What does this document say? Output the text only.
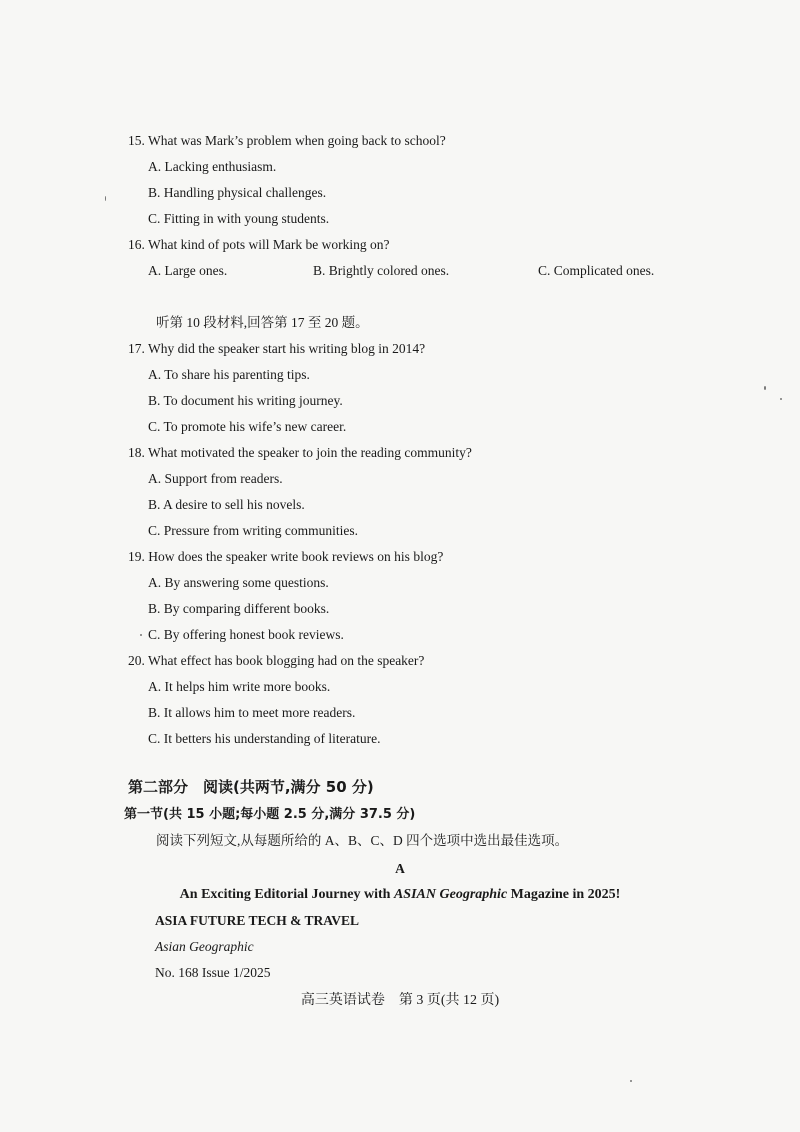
15. What was Mark’s problem when going back to school?
A. Lacking enthusiasm.
B. Handling physical challenges.
C. Fitting in with young students.
16. What kind of pots will Mark be working on?
A. Large ones.	B. Brightly colored ones.	C. Complicated ones.
听第 10 段材料,回答第 17 至 20 题。
17. Why did the speaker start his writing blog in 2014?
A. To share his parenting tips.
B. To document his writing journey.
C. To promote his wife’s new career.
18. What motivated the speaker to join the reading community?
A. Support from readers.
B. A desire to sell his novels.
C. Pressure from writing communities.
19. How does the speaker write book reviews on his blog?
A. By answering some questions.
B. By comparing different books.
C. By offering honest book reviews.
20. What effect has book blogging had on the speaker?
A. It helps him write more books.
B. It allows him to meet more readers.
C. It betters his understanding of literature.
第二部分　阅读(共两节,满分 50 分)
第一节(共 15 小题;每小题 2.5 分,满分 37.5 分)
阅读下列短文,从每题所给的 A、B、C、D 四个选项中选出最佳选项。
A
An Exciting Editorial Journey with ASIAN Geographic Magazine in 2025!
ASIA FUTURE TECH & TRAVEL
Asian Geographic
No. 168 Issue 1/2025
高三英语试卷　第 3 页(共 12 页)
